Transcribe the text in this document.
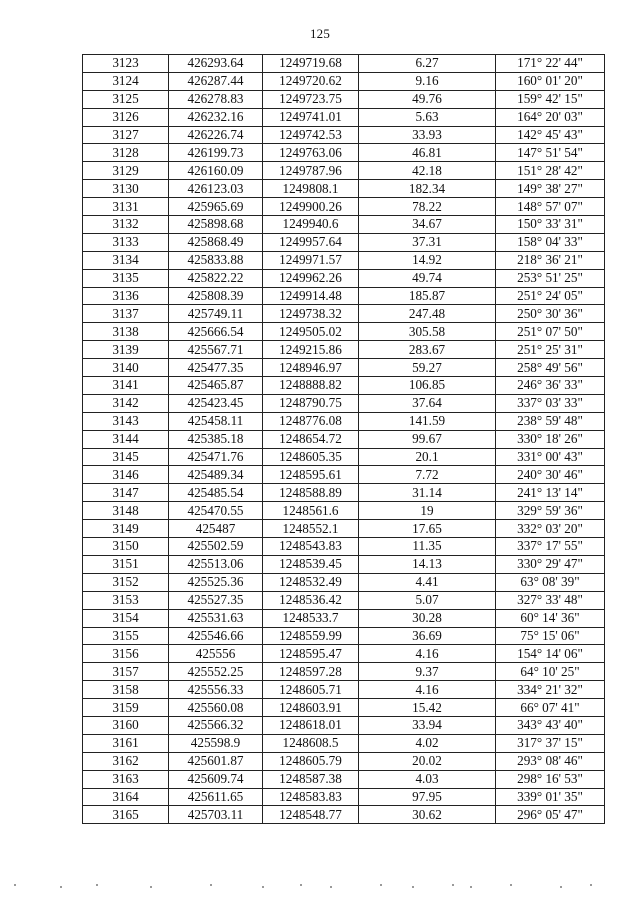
125
3123	426293.64	1249719.68	6.27	171° 22' 44"
3124	426287.44	1249720.62	9.16	160° 01' 20"
3125	426278.83	1249723.75	49.76	159° 42' 15"
3126	426232.16	1249741.01	5.63	164° 20' 03"
3127	426226.74	1249742.53	33.93	142° 45' 43"
3128	426199.73	1249763.06	46.81	147° 51' 54"
3129	426160.09	1249787.96	42.18	151° 28' 42"
3130	426123.03	1249808.1	182.34	149° 38' 27"
3131	425965.69	1249900.26	78.22	148° 57' 07"
3132	425898.68	1249940.6	34.67	150° 33' 31"
3133	425868.49	1249957.64	37.31	158° 04' 33"
3134	425833.88	1249971.57	14.92	218° 36' 21"
3135	425822.22	1249962.26	49.74	253° 51' 25"
3136	425808.39	1249914.48	185.87	251° 24' 05"
3137	425749.11	1249738.32	247.48	250° 30' 36"
3138	425666.54	1249505.02	305.58	251° 07' 50"
3139	425567.71	1249215.86	283.67	251° 25' 31"
3140	425477.35	1248946.97	59.27	258° 49' 56"
3141	425465.87	1248888.82	106.85	246° 36' 33"
3142	425423.45	1248790.75	37.64	337° 03' 33"
3143	425458.11	1248776.08	141.59	238° 59' 48"
3144	425385.18	1248654.72	99.67	330° 18' 26"
3145	425471.76	1248605.35	20.1	331° 00' 43"
3146	425489.34	1248595.61	7.72	240° 30' 46"
3147	425485.54	1248588.89	31.14	241° 13' 14"
3148	425470.55	1248561.6	19	329° 59' 36"
3149	425487	1248552.1	17.65	332° 03' 20"
3150	425502.59	1248543.83	11.35	337° 17' 55"
3151	425513.06	1248539.45	14.13	330° 29' 47"
3152	425525.36	1248532.49	4.41	63° 08' 39"
3153	425527.35	1248536.42	5.07	327° 33' 48"
3154	425531.63	1248533.7	30.28	60° 14' 36"
3155	425546.66	1248559.99	36.69	75° 15' 06"
3156	425556	1248595.47	4.16	154° 14' 06"
3157	425552.25	1248597.28	9.37	64° 10' 25"
3158	425556.33	1248605.71	4.16	334° 21' 32"
3159	425560.08	1248603.91	15.42	66° 07' 41"
3160	425566.32	1248618.01	33.94	343° 43' 40"
3161	425598.9	1248608.5	4.02	317° 37' 15"
3162	425601.87	1248605.79	20.02	293° 08' 46"
3163	425609.74	1248587.38	4.03	298° 16' 53"
3164	425611.65	1248583.83	97.95	339° 01' 35"
3165	425703.11	1248548.77	30.62	296° 05' 47"
